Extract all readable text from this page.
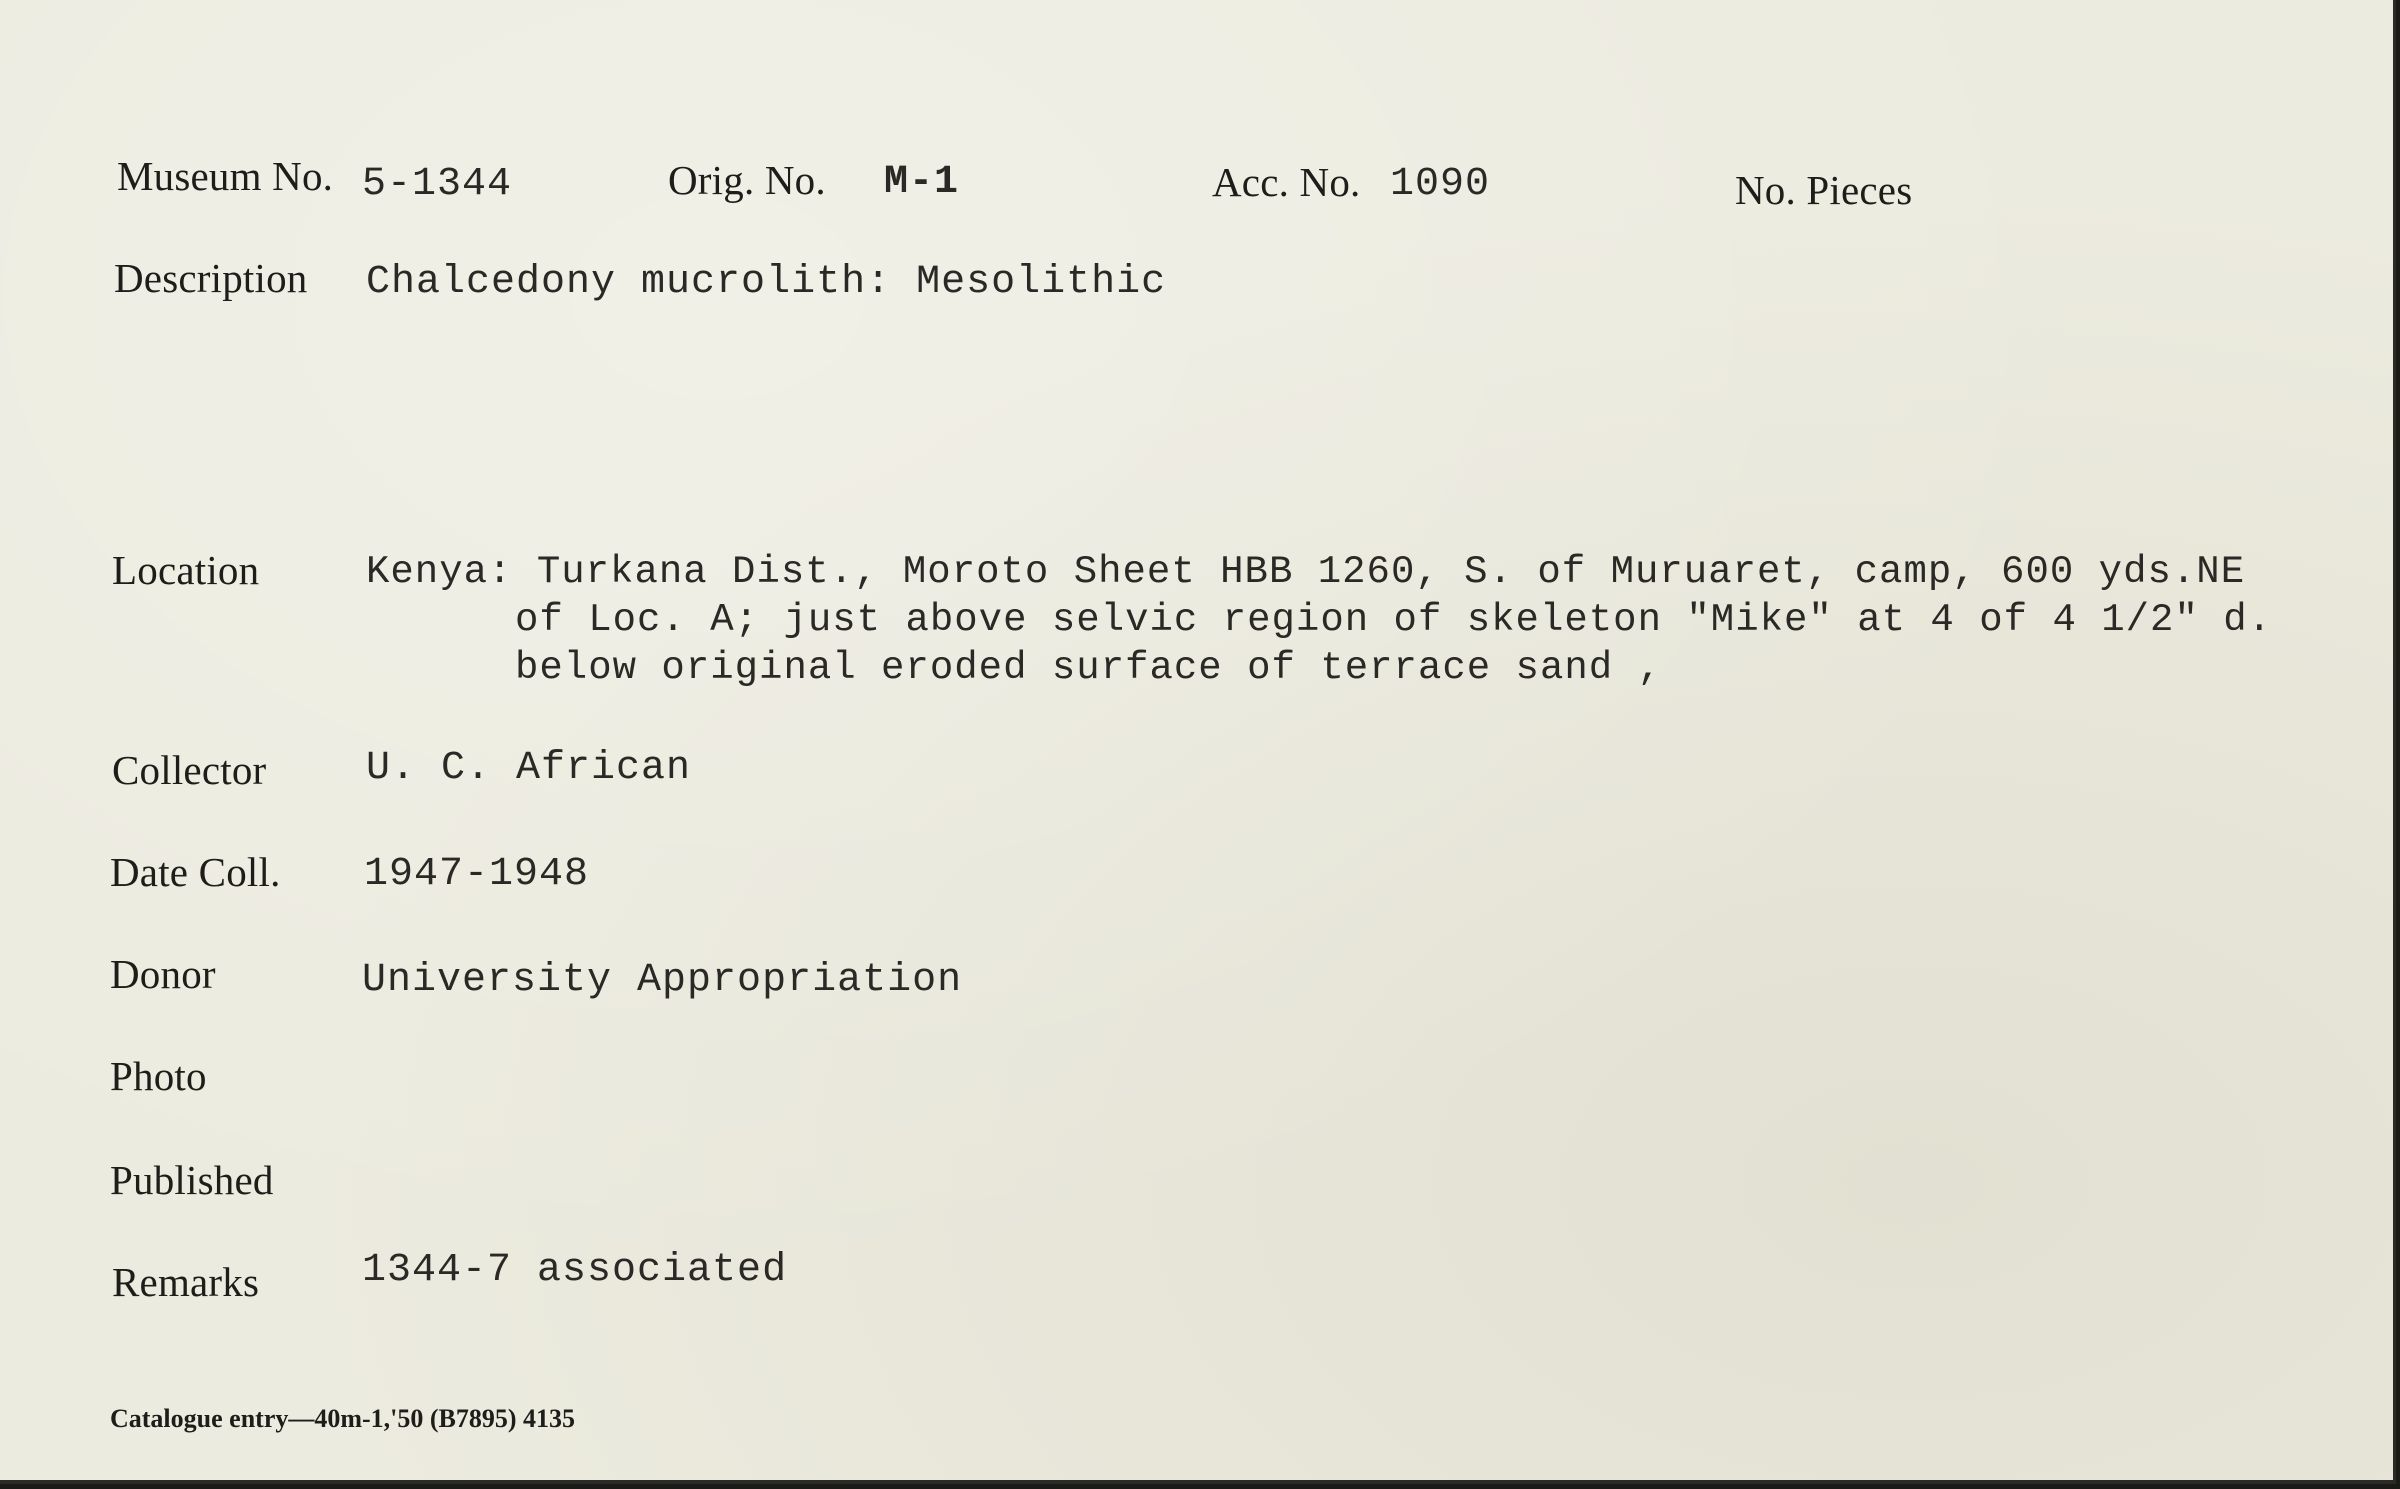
Museum No. 5-1344	Orig. No. M-1	Acc. No. 1090	No. Pieces
Description Chalcedony mucrolith: Mesolithic
Location	Kenya: Turkana Dist., Moroto Sheet HBB 1260, S. of Muruaret, camp, 600 yds.NE
of Loc. A; just above selvic region of skeleton "Mike" at 4 of 4 1/2" d.
below original eroded surface of terrace sand ,
Collector U. C. African
Date Coll. 1947-1948
Donor	University Appropriation
Photo
Published
Remarks	1344-7 associated
Catalogue entry—40m-1,'50 (B7895) 4135
